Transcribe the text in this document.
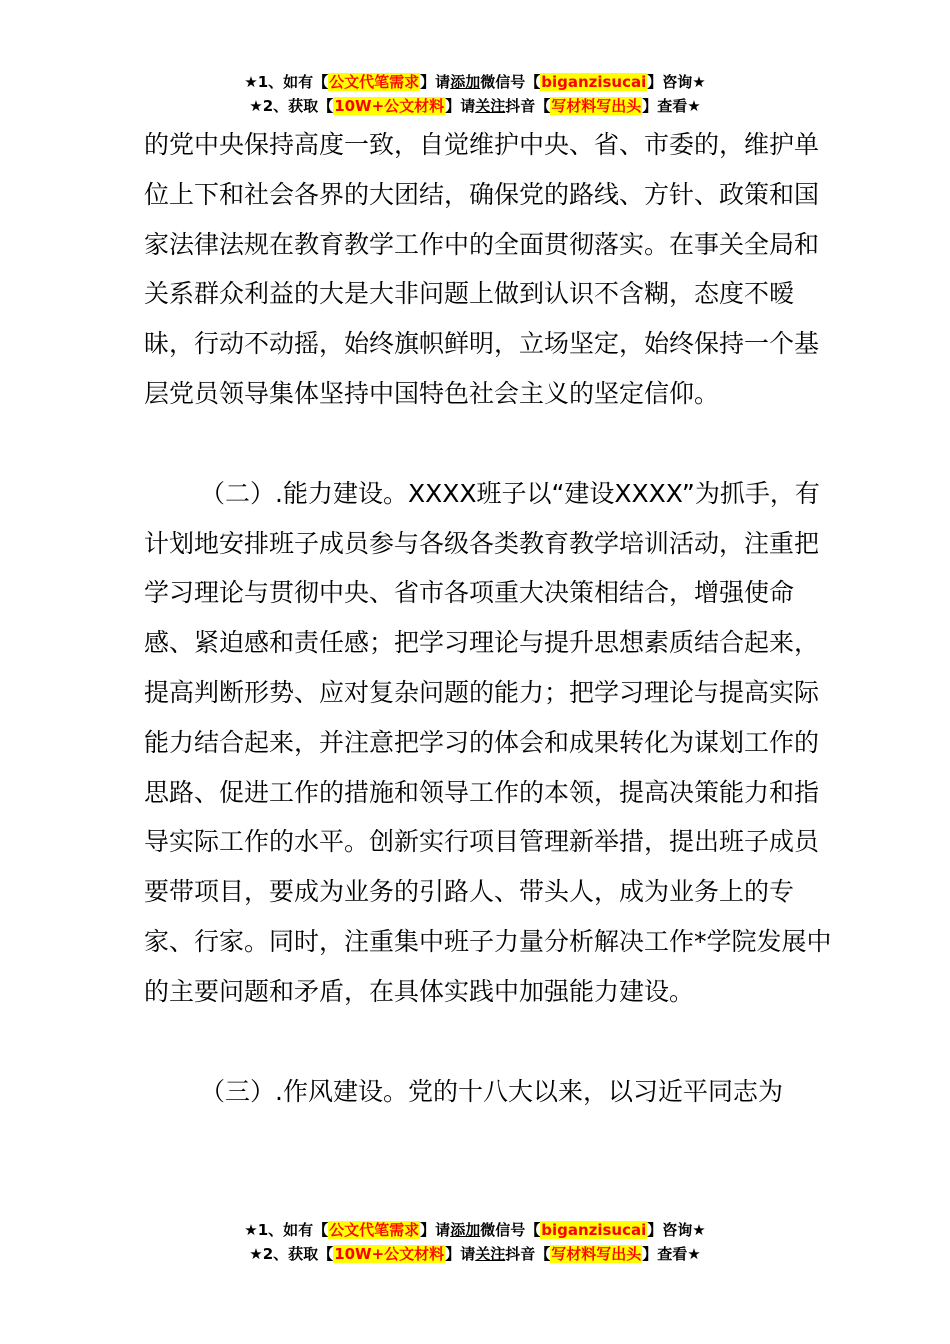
★1、如有【公文代笔需求】请添加微信号【biganzisucai】咨询★
★2、获取【10W+公文材料】请关注抖音【写材料写出头】查看★

的党中央保持高度一致，自觉维护中央、省、市委的，维护单位上下和社会各界的大团结，确保党的路线、方针、政策和国家法律法规在教育教学工作中的全面贯彻落实。在事关全局和关系群众利益的大是大非问题上做到认识不含糊，态度不暧昧，行动不动摇，始终旗帜鲜明，立场坚定，始终保持一个基层党员领导集体坚持中国特色社会主义的坚定信仰。

（二）.能力建设。XXXX班子以“建设XXXX”为抓手，有计划地安排班子成员参与各级各类教育教学培训活动，注重把学习理论与贯彻中央、省市各项重大决策相结合，增强使命感、紧迫感和责任感；把学习理论与提升思想素质结合起来，提高判断形势、应对复杂问题的能力；把学习理论与提高实际能力结合起来，并注意把学习的体会和成果转化为谋划工作的思路、促进工作的措施和领导工作的本领，提高决策能力和指导实际工作的水平。创新实行项目管理新举措，提出班子成员要带项目，要成为业务的引路人、带头人，成为业务上的专家、行家。同时，注重集中班子力量分析解决工作*学院发展中的主要问题和矛盾，在具体实践中加强能力建设。

（三）.作风建设。党的十八大以来，以习近平同志为

★1、如有【公文代笔需求】请添加微信号【biganzisucai】咨询★
★2、获取【10W+公文材料】请关注抖音【写材料写出头】查看★
